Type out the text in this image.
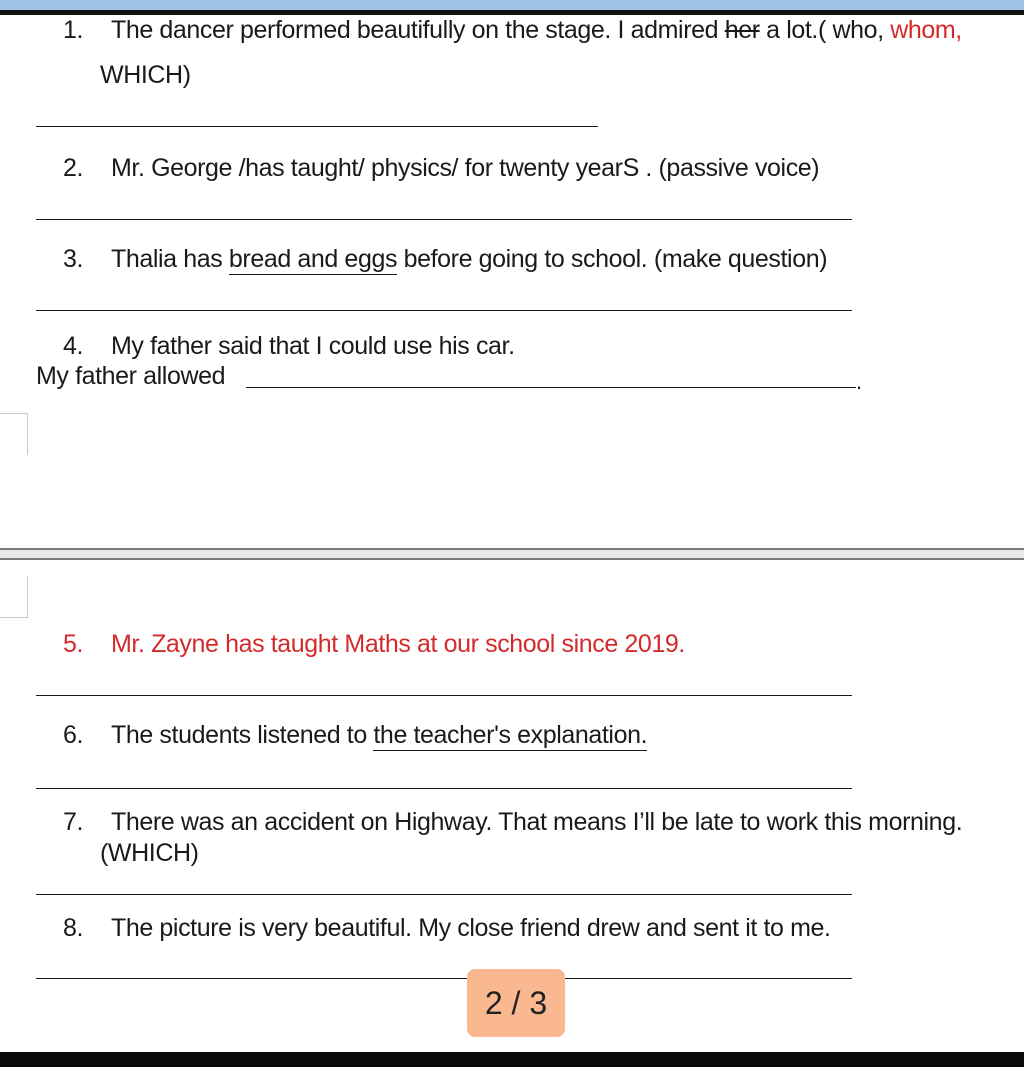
1. The dancer performed beautifully on the stage. I admired her a lot.( who, whom,
WHICH)
2. Mr. George /has taught/ physics/ for twenty yearS . (passive voice)
3. Thalia has bread and eggs before going to school. (make question)
4. My father said that I could use his car.
My father allowed	.
5. Mr. Zayne has taught Maths at our school since 2019.
6. The students listened to the teacher's explanation.
7. There was an accident on Highway. That means I’ll be late to work this morning.
(WHICH)
8. The picture is very beautiful. My close friend drew and sent it to me.
2 / 3
